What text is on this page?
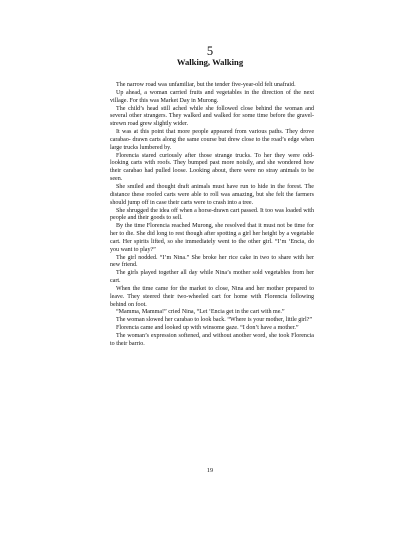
5
Walking, Walking

The narrow road was unfamiliar, but the tender five-year-old felt unafraid.

Up ahead, a woman carried fruits and vegetables in the direction of the next village. For this was Market Day in Murong.

The child’s head still ached while she followed close behind the woman and several other strangers. They walked and walked for some time before the gravel-strewn road grew slightly wider.

It was at this point that more people appeared from various paths. They drove carabao- drawn carts along the same course but drew close to the road’s edge when large trucks lumbered by.

Florencia stared curiously after those strange trucks. To her they were odd-looking carts with roofs. They bumped past more noisily, and she wondered how their carabao had pulled loose. Looking about, there were no stray animals to be seen.

She smiled and thought draft animals must have run to hide in the forest. The distance these roofed carts were able to roll was amazing, but she felt the farmers should jump off in case their carts were to crash into a tree.

She shrugged the idea off when a horse-drawn cart passed. It too was loaded with people and their goods to sell.

By the time Florencia reached Murong, she resolved that it must not be time for her to die. She did long to rest though after spotting a girl her height by a vegetable cart. Her spirits lifted, so she immediately went to the other girl. “I’m ‘Encia, do you want to play?”

The girl nodded. “I’m Nina.” She broke her rice cake in two to share with her new friend.

The girls played together all day while Nina’s mother sold vegetables from her cart.

When the time came for the market to close, Nina and her mother prepared to leave. They steered their two-wheeled cart for home with Florencia following behind on foot.

“Mamma, Mamma!” cried Nina, “Let ‘Encia get in the cart with me.”

The woman slowed her carabao to look back. “Where is your mother, little girl?”

Florencia came and looked up with winsome gaze. “I don’t have a mother.”

The woman’s expression softened, and without another word, she took Florencia to their barrio.

19
